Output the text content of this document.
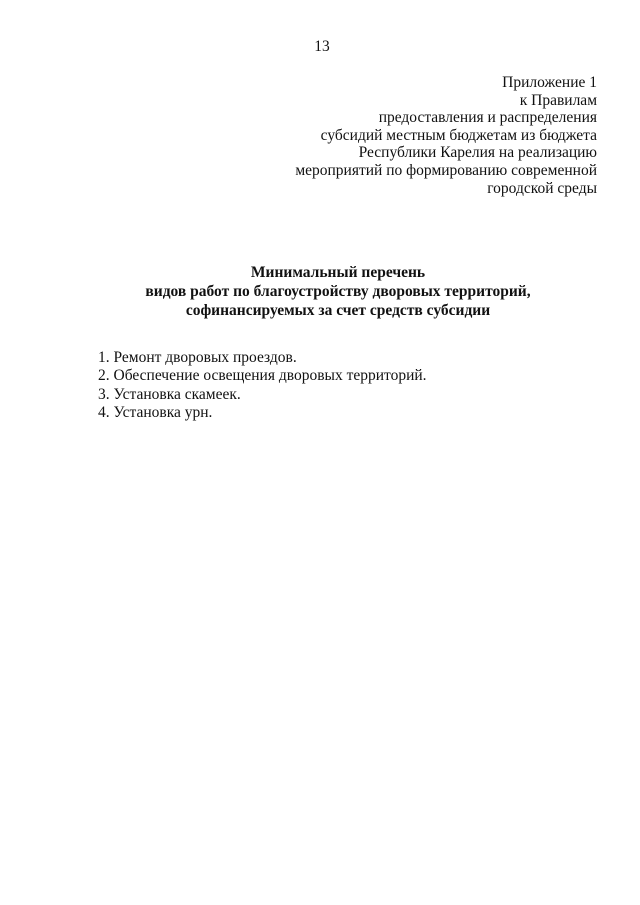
13
Приложение 1
к Правилам
предоставления и распределения
субсидий местным бюджетам из бюджета
Республики Карелия на реализацию
мероприятий по формированию современной
городской среды
Минимальный перечень
видов работ по благоустройству дворовых территорий,
софинансируемых за счет средств субсидии
1. Ремонт дворовых проездов.
2. Обеспечение освещения дворовых территорий.
3. Установка скамеек.
4. Установка урн.
